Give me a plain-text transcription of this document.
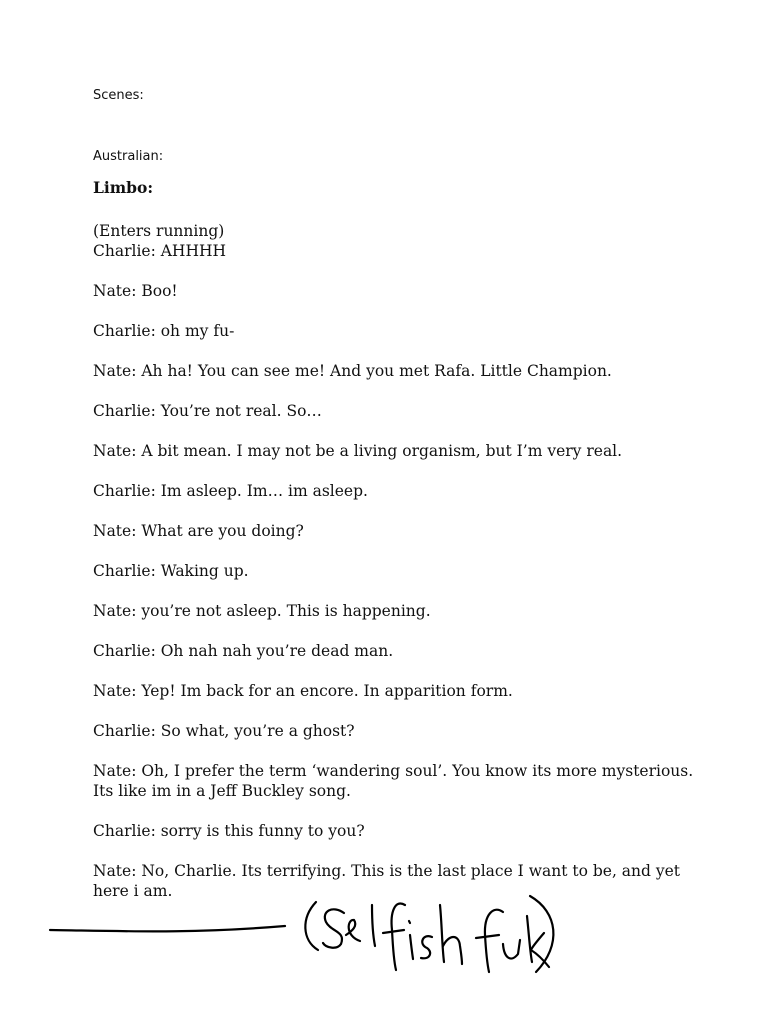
Scenes:
Australian:
Limbo:
(Enters running)
Charlie: AHHHH
Nate: Boo!
Charlie: oh my fu-
Nate: Ah ha! You can see me! And you met Rafa. Little Champion.
Charlie: You’re not real. So…
Nate: A bit mean. I may not be a living organism, but I’m very real.
Charlie: Im asleep. Im… im asleep.
Nate: What are you doing?
Charlie: Waking up.
Nate: you’re not asleep. This is happening.
Charlie: Oh nah nah you’re dead man.
Nate: Yep! Im back for an encore. In apparition form.
Charlie: So what, you’re a ghost?
Nate: Oh, I prefer the term ‘wandering soul’. You know its more mysterious.
Its like im in a Jeff Buckley song.
Charlie: sorry is this funny to you?
Nate: No, Charlie. Its terrifying. This is the last place I want to be, and yet
here i am.
